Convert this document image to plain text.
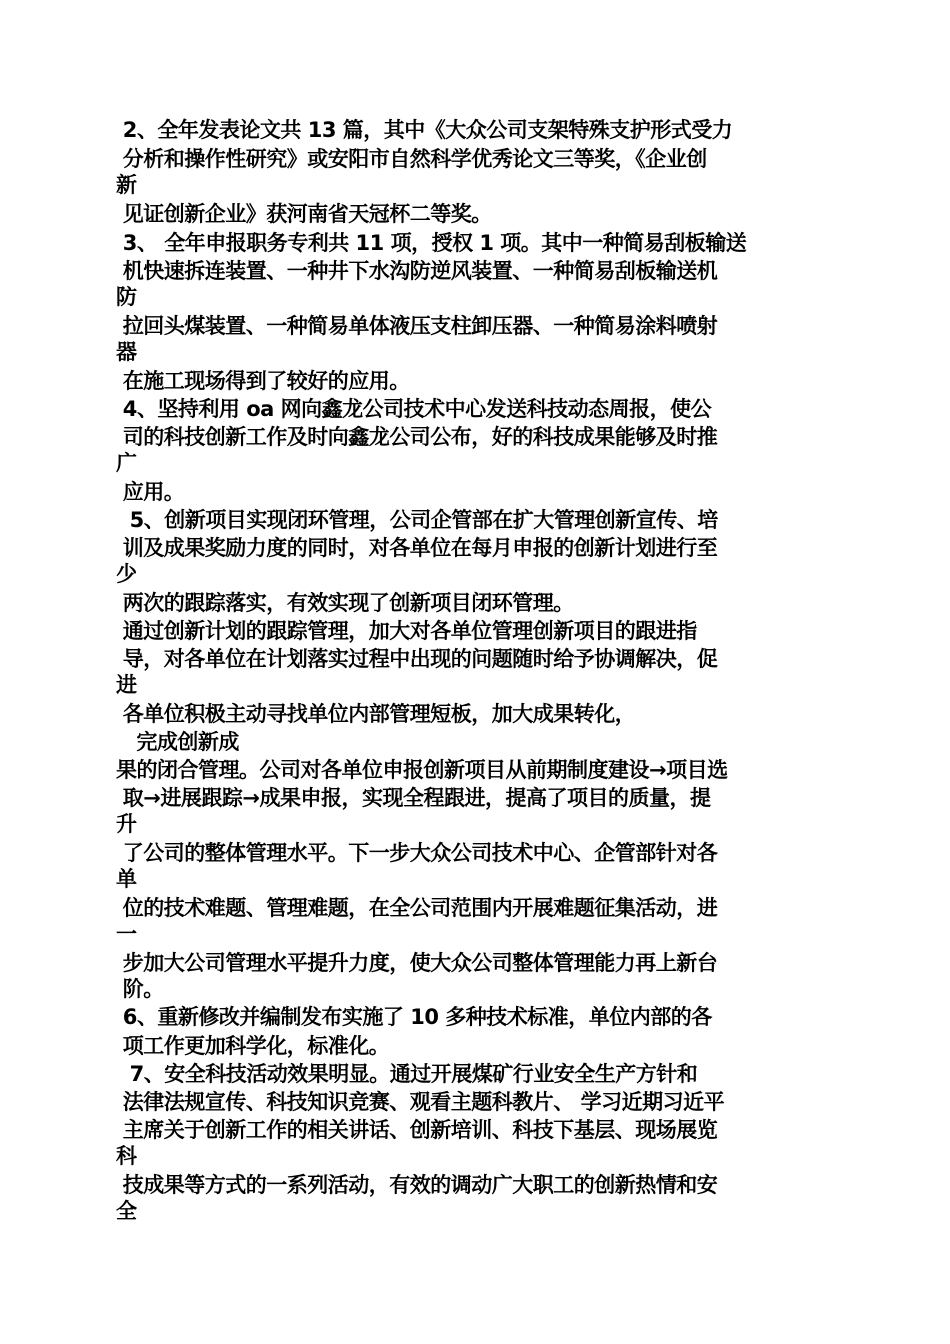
2、全年发表论文共 13 篇，其中《大众公司支架特殊支护形式受力
分析和操作性研究》或安阳市自然科学优秀论文三等奖，《企业创
新
见证创新企业》获河南省天冠杯二等奖。
3、 全年申报职务专利共 11 项，授权 1 项。其中一种简易刮板输送
机快速拆连装置、一种井下水沟防逆风装置、一种简易刮板输送机
防
拉回头煤装置、一种简易单体液压支柱卸压器、一种简易涂料喷射
器
在施工现场得到了较好的应用。
4、坚持利用 oa 网向鑫龙公司技术中心发送科技动态周报，使公
司的科技创新工作及时向鑫龙公司公布，好的科技成果能够及时推
广
应用。
5、创新项目实现闭环管理，公司企管部在扩大管理创新宣传、培
训及成果奖励力度的同时，对各单位在每月申报的创新计划进行至
少
两次的跟踪落实，有效实现了创新项目闭环管理。
通过创新计划的跟踪管理，加大对各单位管理创新项目的跟进指
导，对各单位在计划落实过程中出现的问题随时给予协调解决，促
进
各单位积极主动寻找单位内部管理短板，加大成果转化，
完成创新成
果的闭合管理。公司对各单位申报创新项目从前期制度建设→项目选
取→进展跟踪→成果申报，实现全程跟进，提高了项目的质量，提
升
了公司的整体管理水平。下一步大众公司技术中心、企管部针对各
单
位的技术难题、管理难题，在全公司范围内开展难题征集活动，进
一
步加大公司管理水平提升力度，使大众公司整体管理能力再上新台
阶。
6、重新修改并编制发布实施了 10 多种技术标准，单位内部的各
项工作更加科学化，标准化。
7、安全科技活动效果明显。通过开展煤矿行业安全生产方针和
法律法规宣传、科技知识竞赛、观看主题科教片、 学习近期习近平
主席关于创新工作的相关讲话、创新培训、科技下基层、现场展览
科
技成果等方式的一系列活动，有效的调动广大职工的创新热情和安
全
